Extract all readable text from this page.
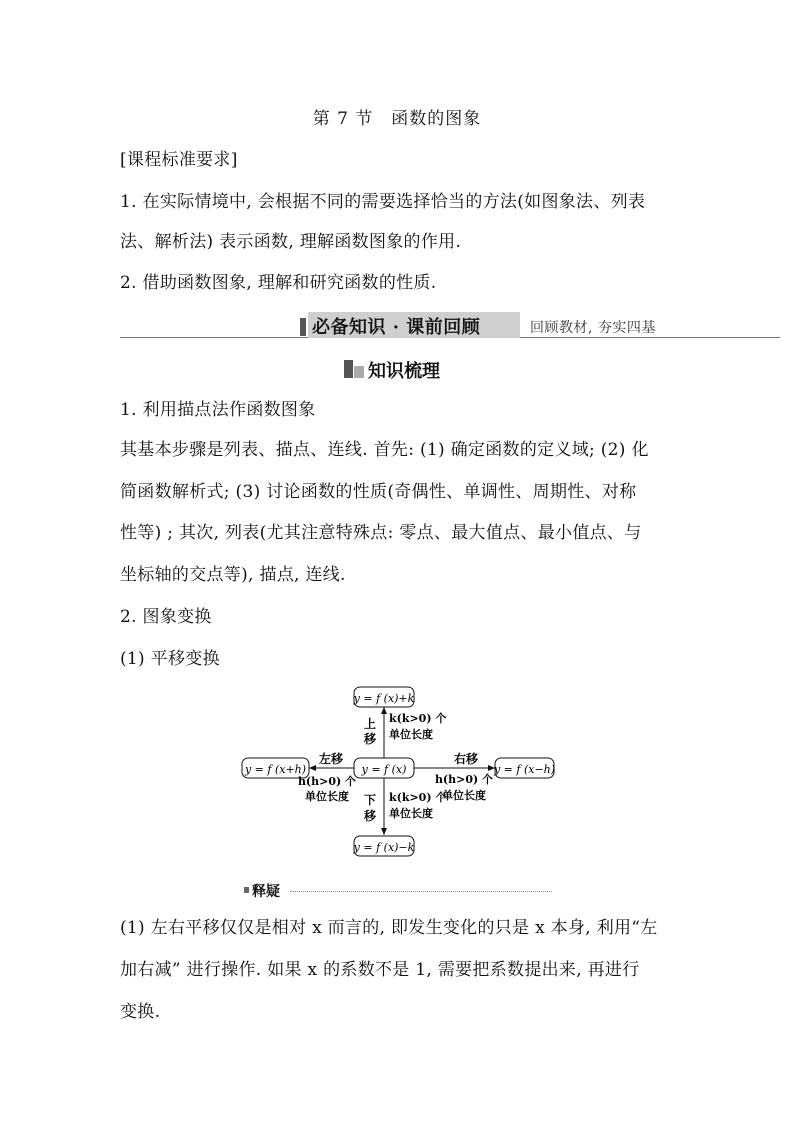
第 7 节　函数的图象
[课程标准要求]
1. 在实际情境中, 会根据不同的需要选择恰当的方法(如图象法、列表
法、解析法) 表示函数, 理解函数图象的作用.
2. 借助函数图象, 理解和研究函数的性质.
必备知识 · 课前回顾	回顾教材, 夯实四基
知识梳理
1. 利用描点法作函数图象
其基本步骤是列表、描点、连线. 首先: (1) 确定函数的定义域; (2) 化
简函数解析式; (3) 讨论函数的性质(奇偶性、单调性、周期性、对称
性等) ; 其次, 列表(尤其注意特殊点: 零点、最大值点、最小值点、与
坐标轴的交点等), 描点, 连线.
2. 图象变换
(1) 平移变换
y = f (x)+k
y = f (x)
y = f (x+h)	y = f (x−h)
y = f (x)−k
上
移
k(k>0) 个
单位长度
下
移
k(k>0) 个
单位长度
左移
h(h>0) 个
单位长度
右移
h(h>0) 个
单位长度
释疑
(1) 左右平移仅仅是相对 x 而言的, 即发生变化的只是 x 本身, 利用“左
加右减” 进行操作. 如果 x 的系数不是 1, 需要把系数提出来, 再进行
变换.
